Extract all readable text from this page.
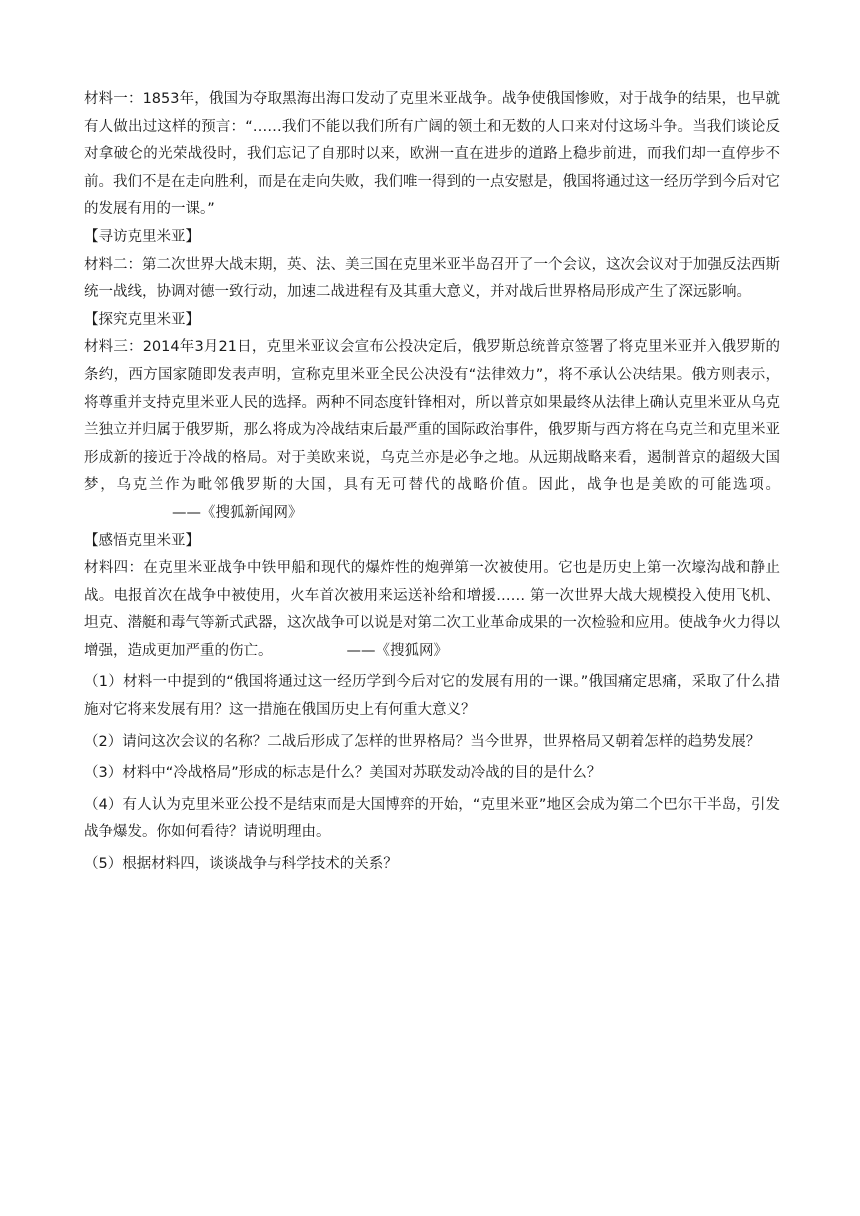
材料一：1853年，俄国为夺取黑海出海口发动了克里米亚战争。战争使俄国惨败，对于战争的结果，也早就有人做出过这样的预言：“……我们不能以我们所有广阔的领土和无数的人口来对付这场斗争。当我们谈论反对拿破仑的光荣战役时，我们忘记了自那时以来，欧洲一直在进步的道路上稳步前进，而我们却一直停步不前。我们不是在走向胜利，而是在走向失败，我们唯一得到的一点安慰是，俄国将通过这一经历学到今后对它的发展有用的一课。”

【寻访克里米亚】

材料二：第二次世界大战末期，英、法、美三国在克里米亚半岛召开了一个会议，这次会议对于加强反法西斯统一战线，协调对德一致行动，加速二战进程有及其重大意义，并对战后世界格局形成产生了深远影响。

【探究克里米亚】

材料三：2014年3月21日，克里米亚议会宣布公投决定后，俄罗斯总统普京签署了将克里米亚并入俄罗斯的条约，西方国家随即发表声明，宣称克里米亚全民公决没有“法律效力”，将不承认公决结果。俄方则表示，将尊重并支持克里米亚人民的选择。两种不同态度针锋相对，所以普京如果最终从法律上确认克里米亚从乌克兰独立并归属于俄罗斯，那么将成为冷战结束后最严重的国际政治事件，俄罗斯与西方将在乌克兰和克里米亚形成新的接近于冷战的格局。对于美欧来说，乌克兰亦是必争之地。从远期战略来看，遏制普京的超级大国梦，乌克兰作为毗邻俄罗斯的大国，具有无可替代的战略价值。因此，战争也是美欧的可能选项。——《搜狐新闻网》

【感悟克里米亚】

材料四：在克里米亚战争中铁甲船和现代的爆炸性的炮弹第一次被使用。它也是历史上第一次壕沟战和静止战。电报首次在战争中被使用，火车首次被用来运送补给和增援…… 第一次世界大战大规模投入使用飞机、坦克、潜艇和毒气等新式武器，这次战争可以说是对第二次工业革命成果的一次检验和应用。使战争火力得以增强，造成更加严重的伤亡。	——《搜狐网》

（1）材料一中提到的“俄国将通过这一经历学到今后对它的发展有用的一课。”俄国痛定思痛，采取了什么措施对它将来发展有用？这一措施在俄国历史上有何重大意义？

（2）请问这次会议的名称？二战后形成了怎样的世界格局？当今世界，世界格局又朝着怎样的趋势发展？

（3）材料中“冷战格局”形成的标志是什么？美国对苏联发动冷战的目的是什么？

（4）有人认为克里米亚公投不是结束而是大国博弈的开始，“克里米亚”地区会成为第二个巴尔干半岛，引发战争爆发。你如何看待？请说明理由。

（5）根据材料四，谈谈战争与科学技术的关系？
